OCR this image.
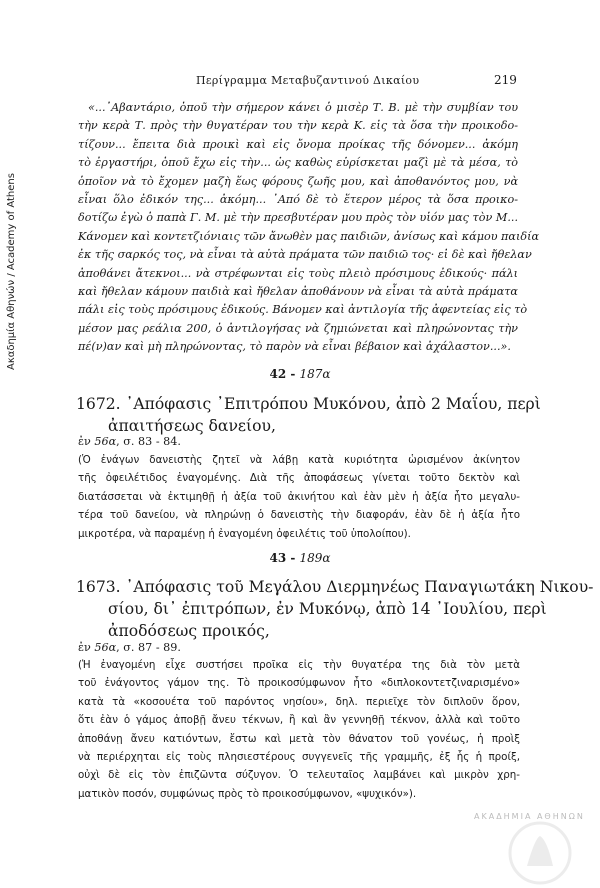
Ακαδημία Αθηνών / Academy of Athens
Περίγραμμα Μεταβυζαντινού Δικαίου	219
«...᾿Αβαντάριο, ὁποῦ τὴν σήμερον κάνει ὁ μισὲρ Τ. Β. μὲ τὴν συμβίαν του
τὴν κερὰ Τ. πρὸς τὴν θυγατέραν του τὴν κερὰ Κ. εἰς τὰ ὅσα τὴν προικοδο-
τίζουν... ἔπειτα διὰ προικὶ καὶ εἰς ὄνομα προίκας τῆς δόνομεν... ἀκόμη
τὸ ἐργαστήρι, ὁποῦ ἔχω εἰς τὴν... ὡς καθὼς εὑρίσκεται μαζὶ μὲ τὰ μέσα, τὸ
ὁποῖον νὰ τὸ ἔχομεν μαζὴ ἕως φόρους ζωῆς μου, καὶ ἀποθανόντος μου, νὰ
εἶναι ὅλο ἐδικόν της... ἀκόμη... ᾿Από δὲ τὸ ἕτερον μέρος τὰ ὅσα προικο-
δοτίζω ἐγὼ ὁ παπὰ Γ. Μ. μὲ τὴν πρεσβυτέραν μου πρὸς τὸν υἱόν μας τὸν Μ...
Κάνομεν καὶ κοντετζιόνιαις τῶν ἄνωθὲν μας παιδιῶν, ἀνίσως καὶ κάμου παιδία
ἐκ τῆς σαρκός τος, νὰ εἶναι τὰ αὐτὰ πράματα τῶν παιδιῶ τος· εἰ δὲ καὶ ἤθελαν
ἀποθάνει ἄτεκνοι... νὰ στρέφωνται εἰς τοὺς πλειὸ πρόσιμους ἐδικούς· πάλι
καὶ ἤθελαν κάμουν παιδιὰ καὶ ἤθελαν ἀποθάνουν νὰ εἶναι τὰ αὐτὰ πράματα
πάλι εἰς τοὺς πρόσιμους ἐδικούς. Βάνομεν καὶ ἀντιλογία τῆς ἀφεντείας εἰς τὸ
μέσον μας ρεάλια 200, ὁ ἀντιλογήσας νὰ ζημιώνεται καὶ πληρώνοντας τὴν
πέ(ν)αν καὶ μὴ πληρώνοντας, τὸ παρὸν νὰ εἶναι βέβαιον καὶ ἀχάλαστον...».
42 - 187α
1672. ᾿Απόφασις ᾿Επιτρόπου Μυκόνου, ἀπὸ 2 Μαΐου, περὶ
ἀπαιτήσεως δανείου,
ἐν 56α, σ. 83 - 84.
(Ὁ ἐνάγων δανειστὴς ζητεῖ νὰ λάβῃ κατὰ κυριότητα ὡρισμένον ἀκίνητον
τῆς ὀφειλέτιδος ἐναγομένης. Διὰ τῆς ἀποφάσεως γίνεται τοῦτο δεκτὸν καὶ
διατάσσεται νὰ ἐκτιμηθῇ ἡ ἀξία τοῦ ἀκινήτου καὶ ἐὰν μὲν ἡ ἀξία ἦτο μεγαλυ-
τέρα τοῦ δανείου, νὰ πληρώνῃ ὁ δανειστὴς τὴν διαφοράν, ἐὰν δὲ ἡ ἀξία ἦτο
μικροτέρα, νὰ παραμένῃ ἡ ἐναγομένη ὀφειλέτις τοῦ ὑπολοίπου).
43 - 189α
1673. ᾿Απόφασις τοῦ Μεγάλου Διερμηνέως Παναγιωτάκη Νικου-
σίου, δι᾿ ἐπιτρόπων, ἐν Μυκόνῳ, ἀπὸ 14 ᾿Ιουλίου, περὶ
ἀποδόσεως προικός,
ἐν 56α, σ. 87 - 89.
(Ἡ ἐναγομένη εἶχε συστήσει προῖκα εἰς τὴν θυγατέρα της διὰ τὸν μετὰ
τοῦ ἐνάγοντος γάμον της. Τὸ προικοσύμφωνον ἦτο «διπλοκοντετζιναρισμένο»
κατὰ τὰ «κοσουέτα τοῦ παρόντος νησίου», δηλ. περιεῖχε τὸν διπλοῦν ὅρον,
ὅτι ἐὰν ὁ γάμος ἀποβῇ ἄνευ τέκνων, ἢ καὶ ἂν γεννηθῇ τέκνον, ἀλλὰ καὶ τοῦτο
ἀποθάνῃ ἄνευ κατιόντων, ἔστω καὶ μετὰ τὸν θάνατον τοῦ γονέως, ἡ προὶξ
νὰ περιέρχηται εἰς τοὺς πλησιεστέρους συγγενεῖς τῆς γραμμῆς, ἐξ ἧς ἡ προίξ,
οὐχὶ δὲ εἰς τὸν ἐπιζῶντα σύζυγον. Ὁ τελευταῖος λαμβάνει καὶ μικρὸν χρη-
ματικὸν ποσόν, συμφώνως πρὸς τὸ προικοσύμφωνον, «ψυχικόν»).
ΑΚΑΔΗΜΙΑ ΑΘΗΝΩΝ
